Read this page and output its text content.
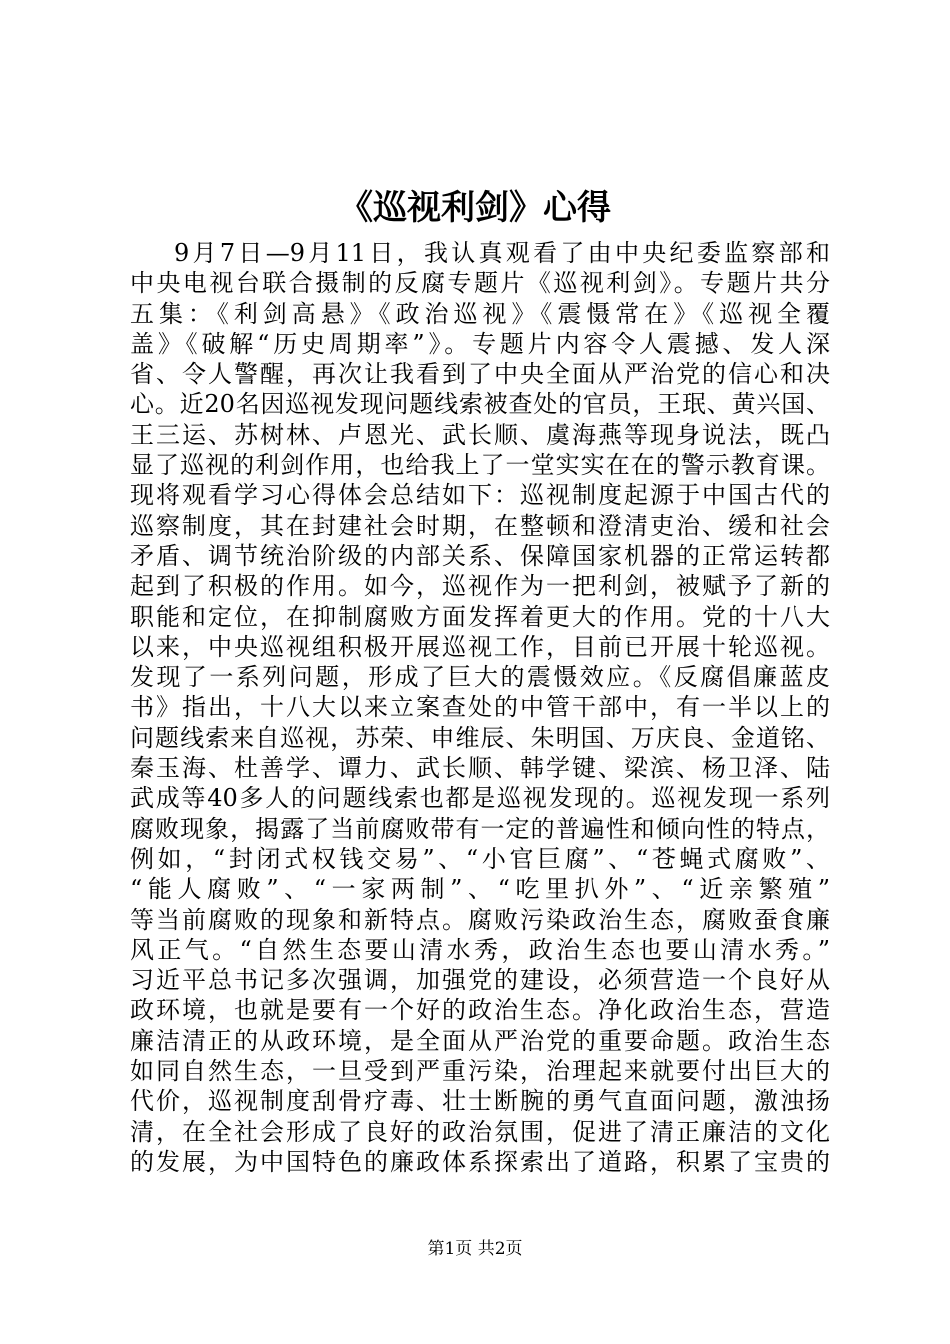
《巡视利剑》心得
9月7日—9月11日，我认真观看了由中央纪委监察部和
中央电视台联合摄制的反腐专题片《巡视利剑》。专题片共分
五集：《利剑高悬》《政治巡视》《震慑常在》《巡视全覆
盖》《破解“历史周期率”》。专题片内容令人震撼、发人深
省、令人警醒，再次让我看到了中央全面从严治党的信心和决
心。近20名因巡视发现问题线索被查处的官员，王珉、黄兴国、
王三运、苏树林、卢恩光、武长顺、虞海燕等现身说法，既凸
显了巡视的利剑作用，也给我上了一堂实实在在的警示教育课。
现将观看学习心得体会总结如下：巡视制度起源于中国古代的
巡察制度，其在封建社会时期，在整顿和澄清吏治、缓和社会
矛盾、调节统治阶级的内部关系、保障国家机器的正常运转都
起到了积极的作用。如今，巡视作为一把利剑，被赋予了新的
职能和定位，在抑制腐败方面发挥着更大的作用。党的十八大
以来，中央巡视组积极开展巡视工作，目前已开展十轮巡视。
发现了一系列问题，形成了巨大的震慑效应。《反腐倡廉蓝皮
书》指出，十八大以来立案查处的中管干部中，有一半以上的
问题线索来自巡视，苏荣、申维辰、朱明国、万庆良、金道铭、
秦玉海、杜善学、谭力、武长顺、韩学键、梁滨、杨卫泽、陆
武成等40多人的问题线索也都是巡视发现的。巡视发现一系列
腐败现象，揭露了当前腐败带有一定的普遍性和倾向性的特点，
例如，“封闭式权钱交易”、“小官巨腐”、“苍蝇式腐败”、
“能人腐败”、“一家两制”、“吃里扒外”、“近亲繁殖”
等当前腐败的现象和新特点。腐败污染政治生态，腐败蚕食廉
风正气。“自然生态要山清水秀，政治生态也要山清水秀。”
习近平总书记多次强调，加强党的建设，必须营造一个良好从
政环境，也就是要有一个好的政治生态。净化政治生态，营造
廉洁清正的从政环境，是全面从严治党的重要命题。政治生态
如同自然生态，一旦受到严重污染，治理起来就要付出巨大的
代价，巡视制度刮骨疗毒、壮士断腕的勇气直面问题，激浊扬
清，在全社会形成了良好的政治氛围，促进了清正廉洁的文化
的发展，为中国特色的廉政体系探索出了道路，积累了宝贵的
第1页 共2页
